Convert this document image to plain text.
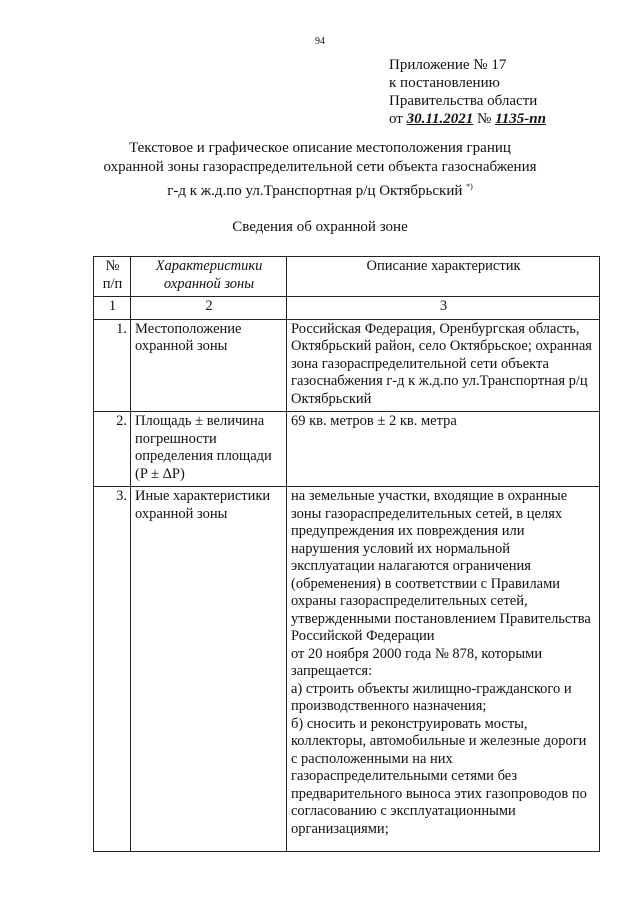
94
Приложение № 17
к постановлению
Правительства области
от 30.11.2021 № 1135-пп
Текстовое и графическое описание местоположения границ
охранной зоны газораспределительной сети объекта газоснабжения
г-д к ж.д.по ул.Транспортная р/ц Октябрьский *)
Сведения об охранной зоне
№ п/п	Характеристики охранной зоны	Описание характеристик
1	2	3
1.	Местоположение охранной зоны	Российская Федерация, Оренбургская область, Октябрьский район, село Октябрьское; охранная зона газораспределительной сети объекта газоснабжения г-д к ж.д.по ул.Транспортная р/ц Октябрьский
2.	Площадь ± величина погрешности определения площади (P ± ΔP)	69 кв. метров ± 2 кв. метра
3.	Иные характеристики охранной зоны	на земельные участки, входящие в охранные зоны газораспределительных сетей, в целях предупреждения их повреждения или нарушения условий их нормальной эксплуатации налагаются ограничения (обременения) в соответствии с Правилами охраны газораспределительных сетей, утвержденными постановлением Правительства Российской Федерации
от 20 ноября 2000 года № 878, которыми запрещается:
а) строить объекты жилищно-гражданского и производственного назначения;
б) сносить и реконструировать мосты, коллекторы, автомобильные и железные дороги с расположенными на них газораспределительными сетями без предварительного выноса этих газопроводов по согласованию с эксплуатационными организациями;
